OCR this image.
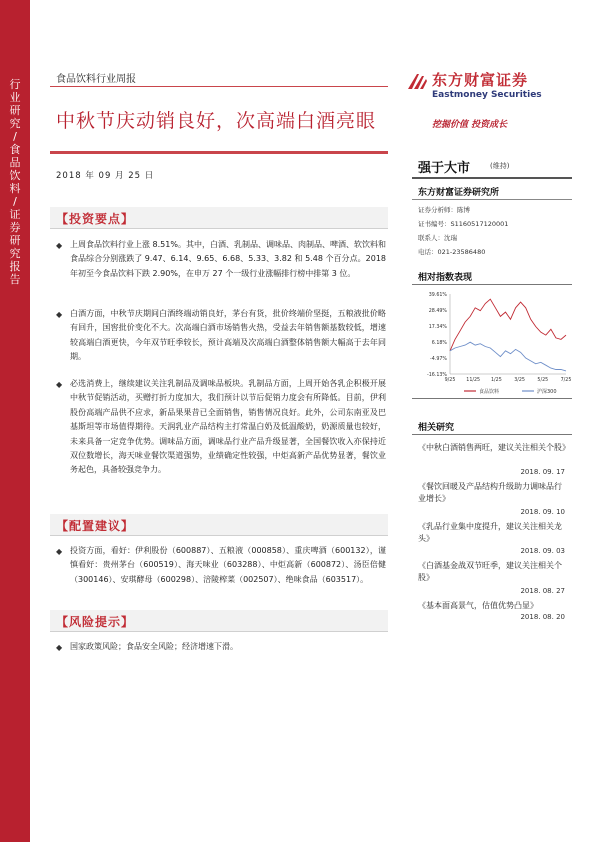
行业研究 / 食品饮料 / 证券研究报告
食品饮料行业周报
中秋节庆动销良好，次高端白酒亮眼
2018 年 09 月 25 日
东方财富证券
Eastmoney Securities
挖掘价值 投资成长
强于大市	(维持)
东方财富证券研究所
证券分析师：陈博
证书编号：S1160517120001
联系人：沈瑞
电话：021-23586480
相对指数表现
39.61%
28.49%
17.34%
6.18%
-4.97%
-16.13%
9/25 11/25 1/25	3/25	5/25	7/25
食品饮料	沪深300
相关研究
《中秋白酒销售两旺，建议关注相关个股》
2018. 09. 17
《餐饮回暖及产品结构升级助力调味品行业增长》
2018. 09. 10
《乳品行业集中度提升，建议关注相关龙头》
2018. 09. 03
《白酒基金战双节旺季，建议关注相关个股》
2018. 08. 27
《基本面高景气，估值优势凸显》
2018. 08. 20
【投资要点】
◆ 上周食品饮料行业上涨 8.51%。其中，白酒、乳制品、调味品、肉制品、啤酒、软饮料和食品综合分别涨跌了 9.47、6.14、9.65、6.68、5.33、3.82 和 5.48 个百分点。2018 年初至今食品饮料下跌 2.90%，在申万 27 个一级行业涨幅排行榜中排第 3 位。
◆ 白酒方面，中秋节庆期间白酒终端动销良好，茅台有货，批价终端价坚挺，五粮液批价略有回升，国窖批价变化不大。次高端白酒市场销售火热，受益去年销售额基数较低，增速较高端白酒更快，今年双节旺季较长，预计高端及次高端白酒整体销售额大幅高于去年同期。
◆ 必选消费上，继续建议关注乳制品及调味品板块。乳制品方面，上周开始各乳企积极开展中秋节促销活动，买赠打折力度加大，我们预计以节后促销力度会有所降低。目前，伊利股份高端产品供不应求，新品果果昔已全面销售，销售情况良好。此外，公司东南亚及巴基斯坦等市场值得期待。天润乳业产品结构主打常温白奶及低温酸奶，奶源质量也较好，未来具备一定竞争优势。调味品方面，调味品行业产品升级显著，全国餐饮收入亦保持近双位数增长，海天味业餐饮渠道强势，业绩确定性较强，中炬高新产品优势显著，餐饮业务起色，具备较强竞争力。
【配置建议】
◆ 投资方面，看好：伊利股份（600887）、五粮液（000858）、重庆啤酒（600132），谨慎看好：贵州茅台（600519）、海天味业（603288）、中炬高新（600872）、汤臣倍健（300146）、安琪酵母（600298）、涪陵榨菜（002507）、绝味食品（603517）。
【风险提示】
◆ 国家政策风险；食品安全风险；经济增速下滑。
